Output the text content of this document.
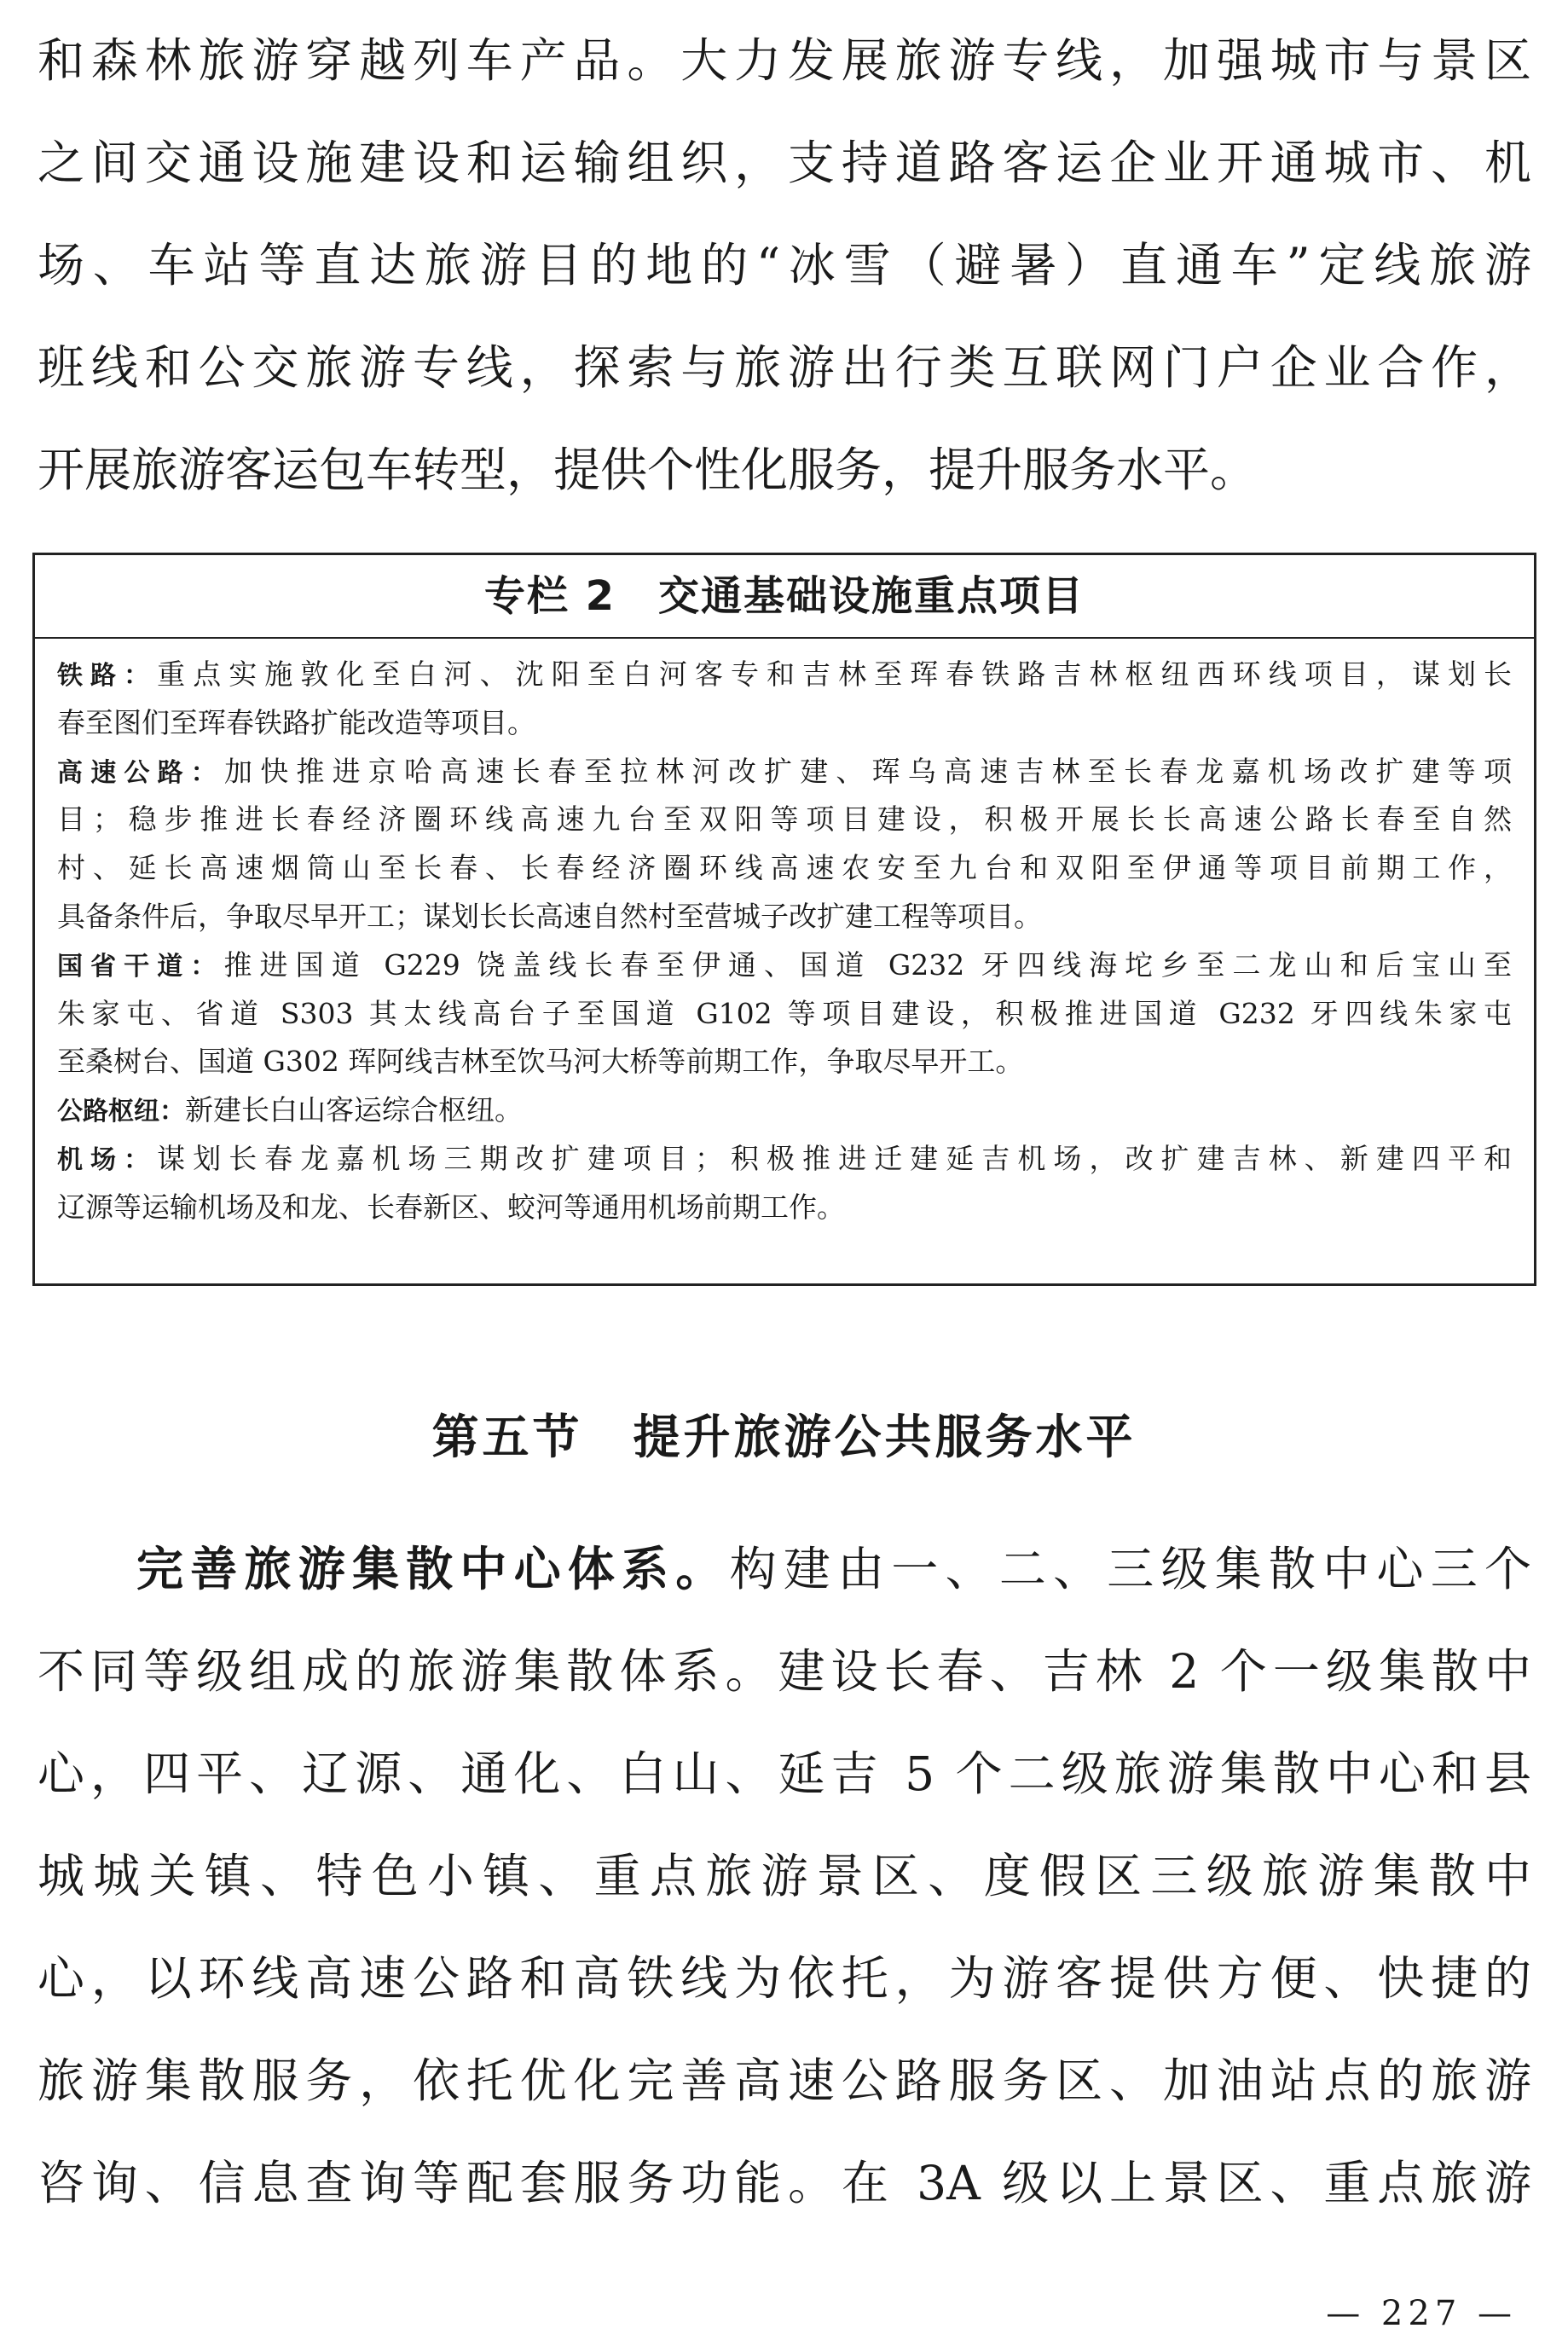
和森林旅游穿越列车产品。大力发展旅游专线，加强城市与景区
之间交通设施建设和运输组织，支持道路客运企业开通城市、机
场、车站等直达旅游目的地的“冰雪（避暑）直通车”定线旅游
班线和公交旅游专线，探索与旅游出行类互联网门户企业合作，
开展旅游客运包车转型，提供个性化服务，提升服务水平。
专栏 2　交通基础设施重点项目
铁路：重点实施敦化至白河、沈阳至白河客专和吉林至珲春铁路吉林枢纽西环线项目，谋划长
春至图们至珲春铁路扩能改造等项目。
高速公路：加快推进京哈高速长春至拉林河改扩建、珲乌高速吉林至长春龙嘉机场改扩建等项
目；稳步推进长春经济圈环线高速九台至双阳等项目建设，积极开展长长高速公路长春至自然
村、延长高速烟筒山至长春、长春经济圈环线高速农安至九台和双阳至伊通等项目前期工作，
具备条件后，争取尽早开工；谋划长长高速自然村至营城子改扩建工程等项目。
国省干道：推进国道 G229 饶盖线长春至伊通、国道 G232 牙四线海坨乡至二龙山和后宝山至
朱家屯、省道 S303 其太线高台子至国道 G102 等项目建设，积极推进国道 G232 牙四线朱家屯
至桑树台、国道 G302 珲阿线吉林至饮马河大桥等前期工作，争取尽早开工。
公路枢纽：新建长白山客运综合枢纽。
机场：谋划长春龙嘉机场三期改扩建项目；积极推进迁建延吉机场，改扩建吉林、新建四平和
辽源等运输机场及和龙、长春新区、蛟河等通用机场前期工作。
第五节　提升旅游公共服务水平
完善旅游集散中心体系。构建由一、二、三级集散中心三个
不同等级组成的旅游集散体系。建设长春、吉林 2 个一级集散中
心，四平、辽源、通化、白山、延吉 5 个二级旅游集散中心和县
城城关镇、特色小镇、重点旅游景区、度假区三级旅游集散中
心，以环线高速公路和高铁线为依托，为游客提供方便、快捷的
旅游集散服务，依托优化完善高速公路服务区、加油站点的旅游
咨询、信息查询等配套服务功能。在 3A 级以上景区、重点旅游
— 227 —
